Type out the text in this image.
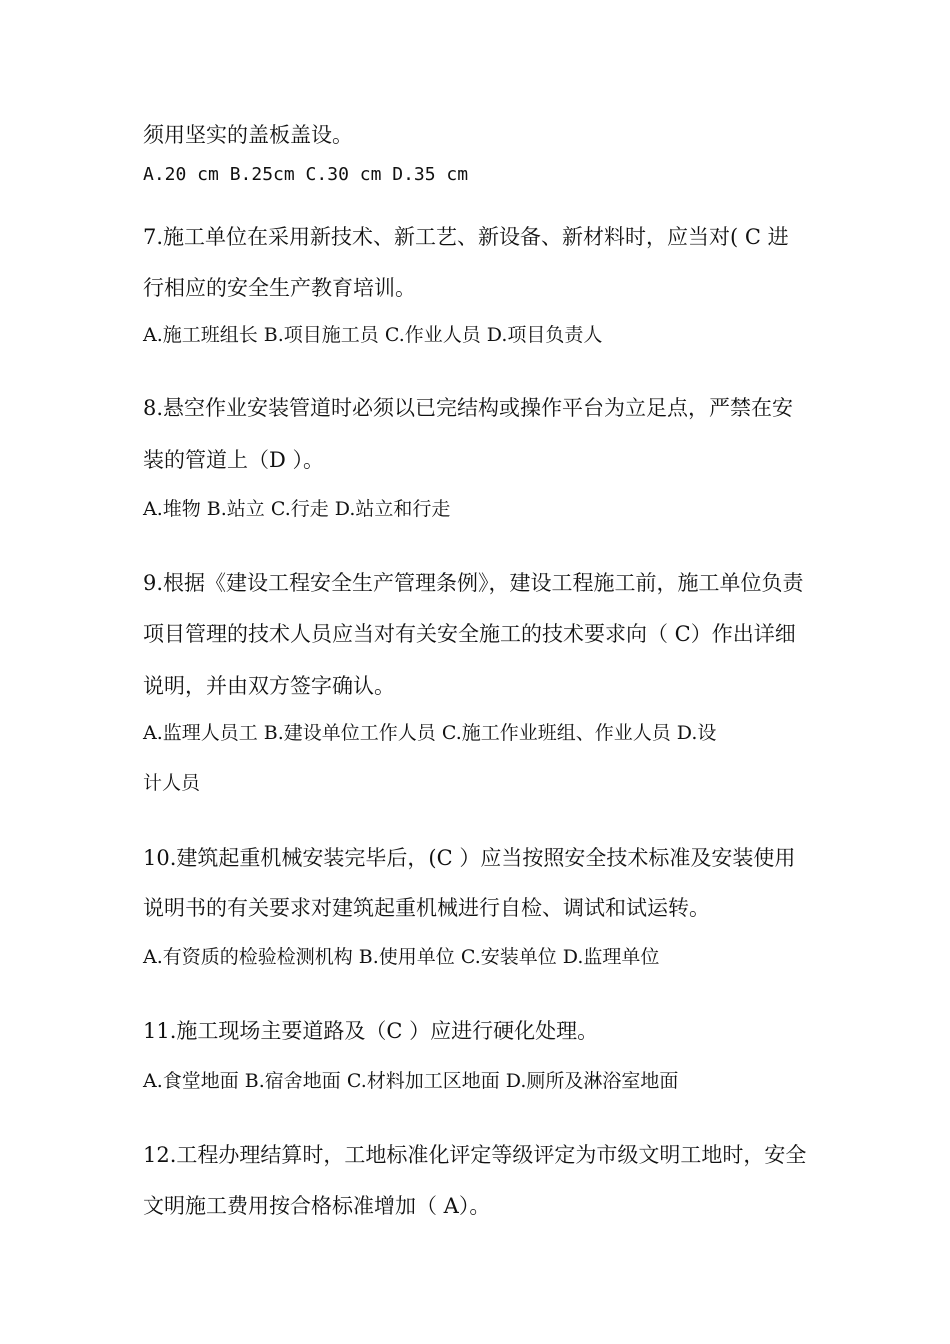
须用坚实的盖板盖设。
A.20 cm B.25cm C.30 cm D.35 cm
7.施工单位在采用新技术、新工艺、新设备、新材料时，应当对( C 进
行相应的安全生产教育培训。
A.施工班组长 B.项目施工员 C.作业人员 D.项目负责人
8.悬空作业安装管道时必须以已完结构或操作平台为立足点，严禁在安
装的管道上（D ）。
A.堆物 B.站立 C.行走 D.站立和行走
9.根据《建设工程安全生产管理条例》，建设工程施工前，施工单位负责
项目管理的技术人员应当对有关安全施工的技术要求向（ C）作出详细
说明，并由双方签字确认。
A.监理人员工 B.建设单位工作人员 C.施工作业班组、作业人员 D.设
计人员
10.建筑起重机械安装完毕后，(C ）应当按照安全技术标准及安装使用
说明书的有关要求对建筑起重机械进行自检、调试和试运转。
A.有资质的检验检测机构 B.使用单位 C.安装单位 D.监理单位
11.施工现场主要道路及（C ）应进行硬化处理。
A.食堂地面 B.宿舍地面 C.材料加工区地面 D.厕所及淋浴室地面
12.工程办理结算时，工地标准化评定等级评定为市级文明工地时，安全
文明施工费用按合格标准增加（ A）。
